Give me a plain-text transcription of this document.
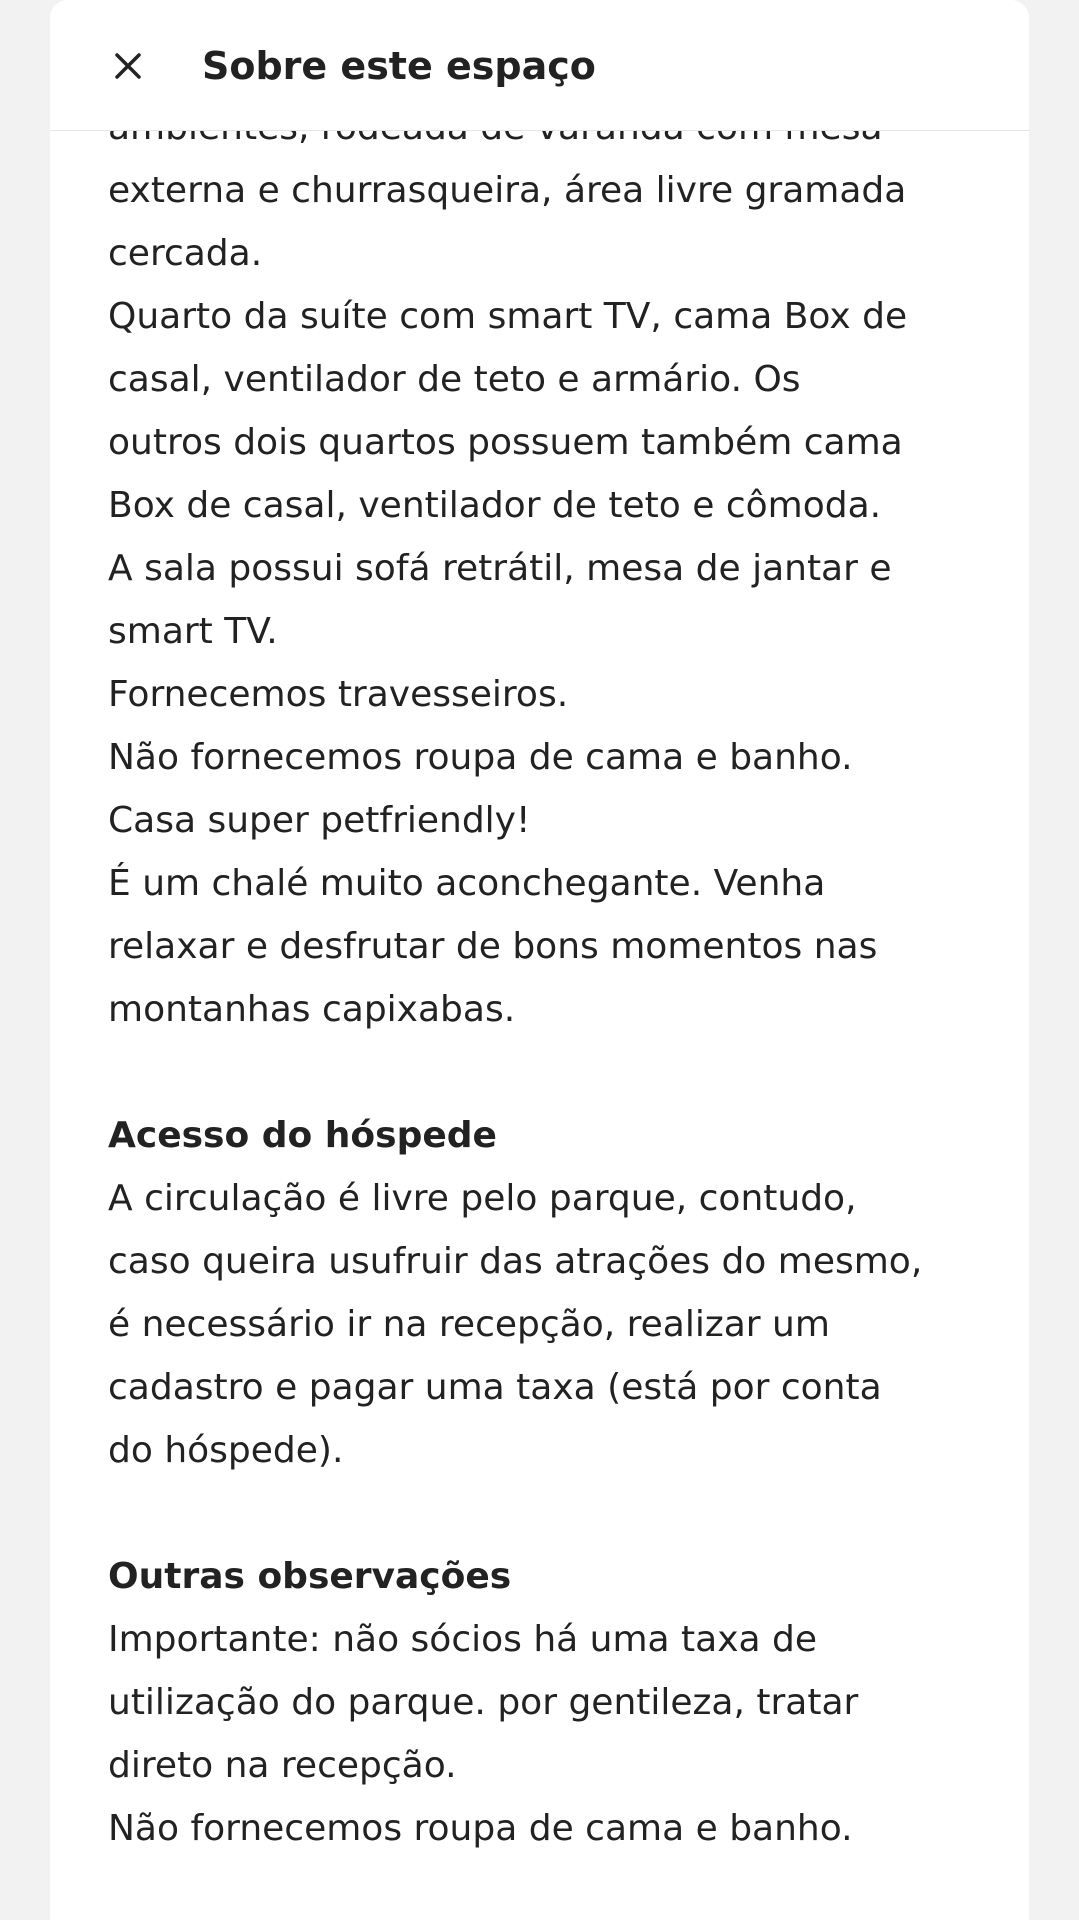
externa e churrasqueira, área livre gramada

cercada.

Quarto da suíte com smart TV, cama Box de

casal, ventilador de teto e armário. Os

outros dois quartos possuem também cama

Box de casal, ventilador de teto e cômoda.

A sala possui sofá retrátil, mesa de jantar e

smart TV.

Fornecemos travesseiros.

Não fornecemos roupa de cama e banho.

Casa super petfriendly!

É um chalé muito aconchegante. Venha

relaxar e desfrutar de bons momentos nas

montanhas capixabas.

Acesso do hóspede

A circulação é livre pelo parque, contudo,

caso queira usufruir das atrações do mesmo,

é necessário ir na recepção, realizar um

cadastro e pagar uma taxa (está por conta

do hóspede).

Outras observações

Importante: não sócios há uma taxa de

utilização do parque. por gentileza, tratar

direto na recepção.

Não fornecemos roupa de cama e banho.

Sobre este espaço
